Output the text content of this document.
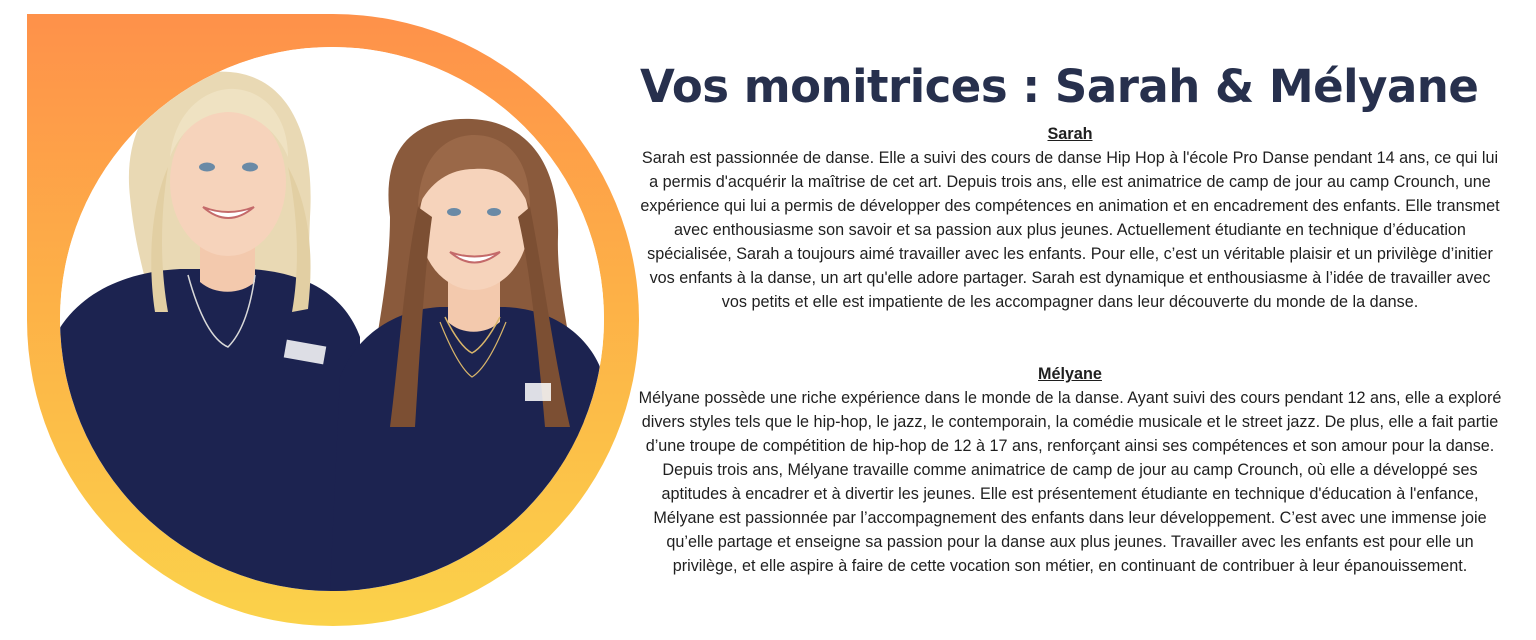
Vos monitrices : Sarah & Mélyane
Sarah

Sarah est passionnée de danse. Elle a suivi des cours de danse Hip Hop à l'école Pro Danse pendant 14 ans, ce qui lui a permis d'acquérir la maîtrise de cet art. Depuis trois ans, elle est animatrice de camp de jour au camp Crounch, une expérience qui lui a permis de développer des compétences en animation et en encadrement des enfants. Elle transmet avec enthousiasme son savoir et sa passion aux plus jeunes. Actuellement étudiante en technique d’éducation spécialisée, Sarah a toujours aimé travailler avec les enfants. Pour elle, c’est un véritable plaisir et un privilège d’initier vos enfants à la danse, un art qu'elle adore partager. Sarah est dynamique et enthousiasme à l’idée de travailler avec vos petits et elle est impatiente de les accompagner dans leur découverte du monde de la danse.

Mélyane

Mélyane possède une riche expérience dans le monde de la danse. Ayant suivi des cours pendant 12 ans, elle a exploré divers styles tels que le hip-hop, le jazz, le contemporain, la comédie musicale et le street jazz. De plus, elle a fait partie d’une troupe de compétition de hip-hop de 12 à 17 ans, renforçant ainsi ses compétences et son amour pour la danse. Depuis trois ans, Mélyane travaille comme animatrice de camp de jour au camp Crounch, où elle a développé ses aptitudes à encadrer et à divertir les jeunes. Elle est présentement étudiante en technique d'éducation à l'enfance, Mélyane est passionnée par l’accompagnement des enfants dans leur développement. C’est avec une immense joie qu’elle partage et enseigne sa passion pour la danse aux plus jeunes. Travailler avec les enfants est pour elle un privilège, et elle aspire à faire de cette vocation son métier, en continuant de contribuer à leur épanouissement.
